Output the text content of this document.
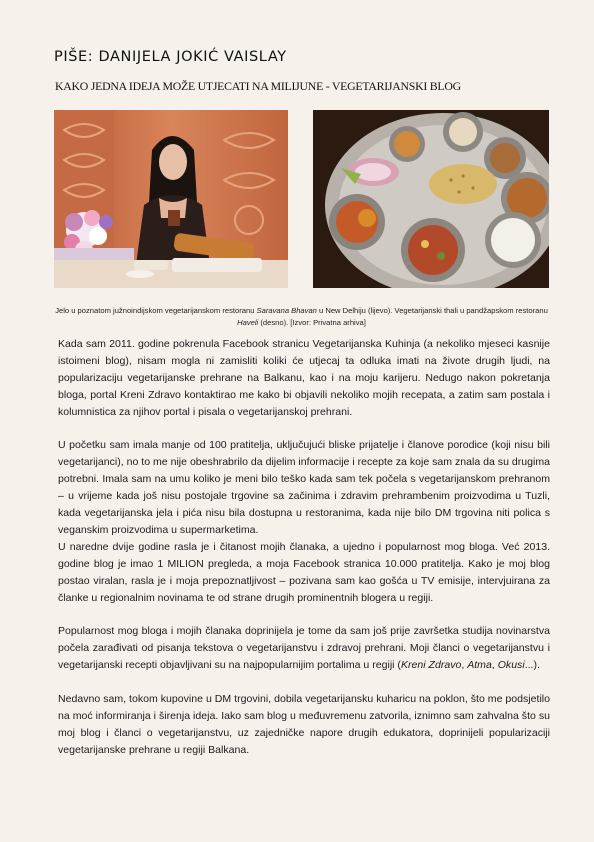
PIŠE: DANIJELA JOKIĆ VAISLAY
KAKO JEDNA IDEJA MOŽE UTJECATI NA MILIJUNE - VEGETARIJANSKI BLOG
Jelo u poznatom južnoindijskom vegetarijanskom restoranu Saravana Bhavan u New Delhiju (lijevo). Vegetarijanski thali u pandžapskom restoranu Haveli (desno). [Izvor: Privatna arhiva]

Kada sam 2011. godine pokrenula Facebook stranicu Vegetarijanska Kuhinja (a nekoliko mjeseci kasnije istoimeni blog), nisam mogla ni zamisliti koliki će utjecaj ta odluka imati na živote drugih ljudi, na popularizaciju vegetarijanske prehrane na Balkanu, kao i na moju karijeru. Nedugo nakon pokretanja bloga, portal Kreni Zdravo kontaktirao me kako bi objavili nekoliko mojih recepata, a zatim sam postala i kolumnistica za njihov portal i pisala o vegetarijanskoj prehrani.

U početku sam imala manje od 100 pratitelja, uključujući bliske prijatelje i članove porodice (koji nisu bili vegetarijanci), no to me nije obeshrabrilo da dijelim informacije i recepte za koje sam znala da su drugima potrebni. Imala sam na umu koliko je meni bilo teško kada sam tek počela s vegetarijanskom prehranom – u vrijeme kada još nisu postojale trgovine sa začinima i zdravim prehrambenim proizvodima u Tuzli, kada vegetarijanska jela i pića nisu bila dostupna u restoranima, kada nije bilo DM trgovina niti polica s veganskim proizvodima u supermarketima.

U naredne dvije godine rasla je i čitanost mojih članaka, a ujedno i popularnost mog bloga. Već 2013. godine blog je imao 1 MILION pregleda, a moja Facebook stranica 10.000 pratitelja. Kako je moj blog postao viralan, rasla je i moja prepoznatljivost – pozivana sam kao gošća u TV emisije, intervjuirana za članke u regionalnim novinama te od strane drugih prominentnih blogera u regiji.

Popularnost mog bloga i mojih članaka doprinijela je tome da sam još prije završetka studija novinarstva počela zarađivati od pisanja tekstova o vegetarijanstvu i zdravoj prehrani. Moji članci o vegetarijanstvu i vegetarijanski recepti objavljivani su na najpopularnijim portalima u regiji (Kreni Zdravo, Atma, Okusi...).

Nedavno sam, tokom kupovine u DM trgovini, dobila vegetarijansku kuharicu na poklon, što me podsjetilo na moć informiranja i širenja ideja. Iako sam blog u međuvremenu zatvorila, iznimno sam zahvalna što su moj blog i članci o vegetarijanstvu, uz zajedničke napore drugih edukatora, doprinijeli popularizaciji vegetarijanske prehrane u regiji Balkana.
